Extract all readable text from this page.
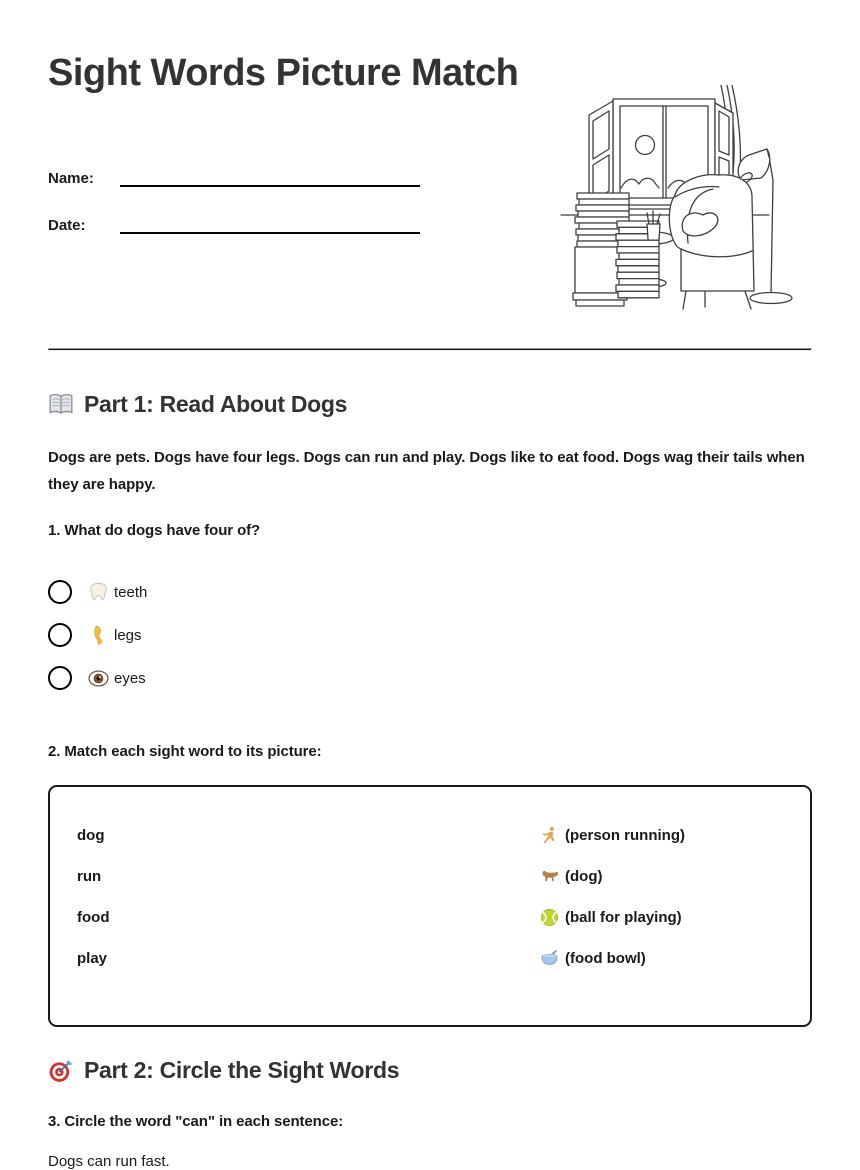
Sight Words Picture Match
Name:
Date:
Part 1: Read About Dogs

Dogs are pets. Dogs have four legs. Dogs can run and play. Dogs like to eat food. Dogs wag their tails when they are happy.

1. What do dogs have four of?

teeth
legs
eyes

2. Match each sight word to its picture:

dog	(person running)
run	(dog)
food	(ball for playing)
play	(food bowl)
Part 2: Circle the Sight Words

3. Circle the word "can" in each sentence:

Dogs can run fast.
